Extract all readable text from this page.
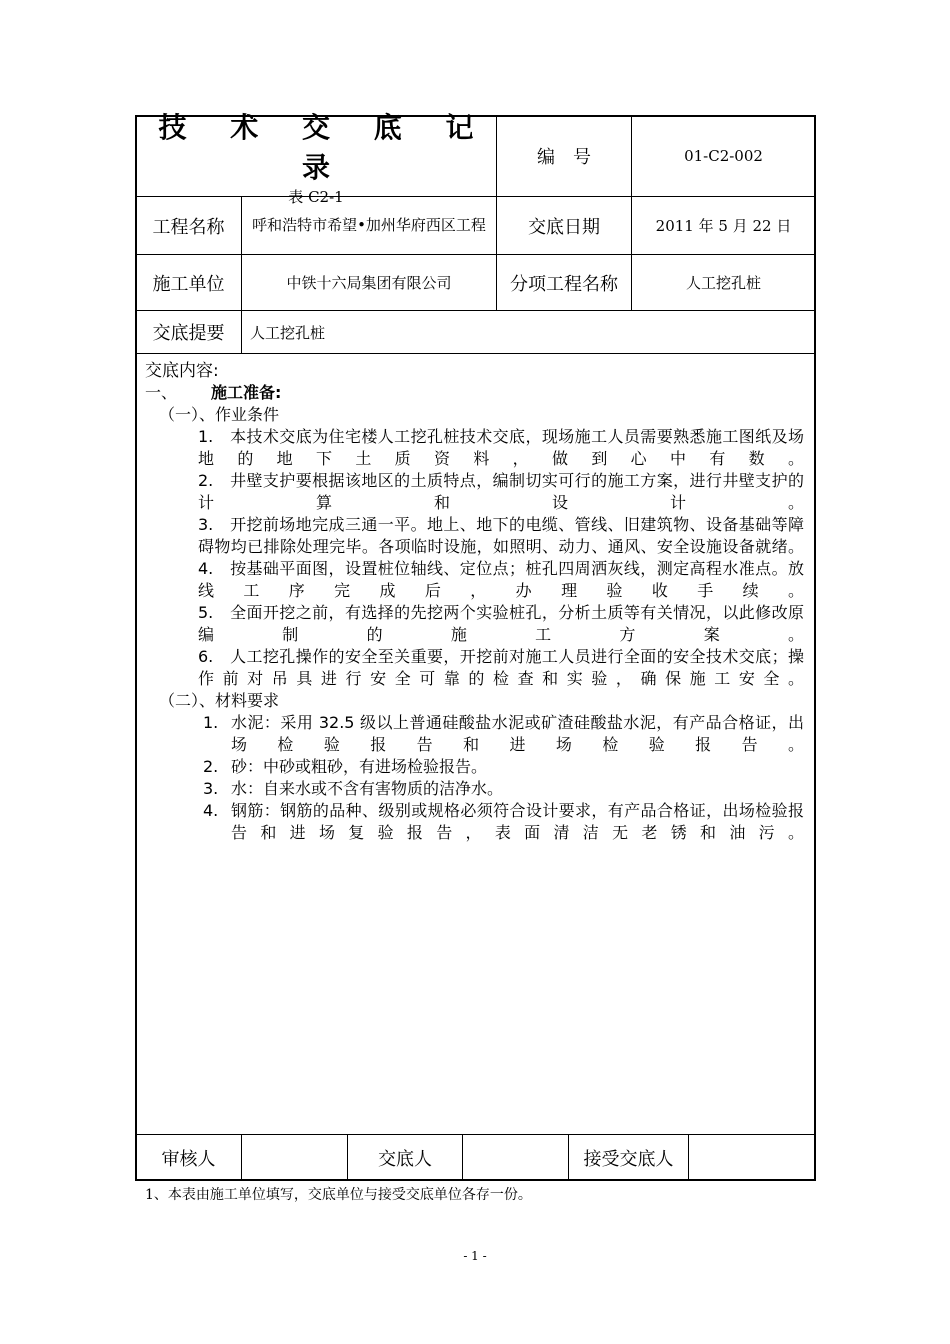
技 术 交 底 记 录
表 C2-1
编　号	01-C2-002
工程名称	呼和浩特市希望•加州华府西区工程	交底日期	2011 年 5 月 22 日
施工单位	中铁十六局集团有限公司	分项工程名称	人工挖孔桩
交底提要	人工挖孔桩
交底内容:
一、 施工准备:
（一）、作业条件
1.　本技术交底为住宅楼人工挖孔桩技术交底，现场施工人员需要熟悉施工图纸及场地的地下土质资料，做到心中有数。
2.　井壁支护要根据该地区的土质特点，编制切实可行的施工方案，进行井壁支护的计算和设计。
3.　开挖前场地完成三通一平。地上、地下的电缆、管线、旧建筑物、设备基础等障碍物均已排除处理完毕。各项临时设施，如照明、动力、通风、安全设施设备就绪。
4.　按基础平面图，设置桩位轴线、定位点；桩孔四周洒灰线，测定高程水准点。放线工序完成后，办理验收手续。
5.　全面开挖之前，有选择的先挖两个实验桩孔，分析土质等有关情况，以此修改原编制的施工方案。
6.　人工挖孔操作的安全至关重要，开挖前对施工人员进行全面的安全技术交底；操作前对吊具进行安全可靠的检查和实验，确保施工安全。
（二）、材料要求
1. 水泥：采用 32.5 级以上普通硅酸盐水泥或矿渣硅酸盐水泥，有产品合格证，出场检验报告和进场检验报告。
2. 砂：中砂或粗砂，有进场检验报告。
3. 水：自来水或不含有害物质的洁净水。
4. 钢筋：钢筋的品种、级别或规格必须符合设计要求，有产品合格证，出场检验报告和进场复验报告，表面清洁无老锈和油污。
审核人	交底人	接受交底人
1、本表由施工单位填写，交底单位与接受交底单位各存一份。
- 1 -
